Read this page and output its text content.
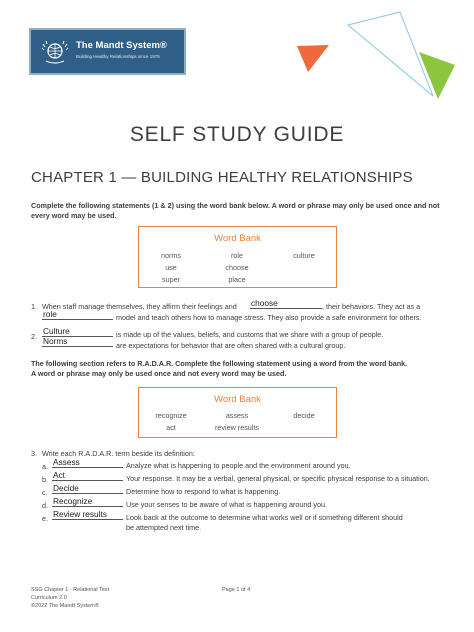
The Mandt System®
Building Healthy Relationships since 1975
SELF STUDY GUIDE
CHAPTER 1 — BUILDING HEALTHY RELATIONSHIPS
Complete the following statements (1 & 2) using the word bank below. A word or phrase may only be used once and not
every word may be used.
Word Bank
norms	role	culture
use	choose
super	place
1. When staff manage themselves, they affirm their feelings and choose	, their behaviors. They act as a
role	model and teach others how to manage stress. They also provide a safe environment for others.
2.
Culture	is made up of the values, beliefs, and customs that we share with a group of people.
Norms	are expectations for behavior that are often shared with a cultural group.
The following section refers to R.A.D.A.R. Complete the following statement using a word from the word bank.
A word or phrase may only be used once and not every word may be used.
Word Bank
recognize	assess	decide
act	review results
3. Write each R.A.D.A.R. term beside its definition:
a. Assess	Analyze what is happening to people and the environment around you.
b. Act	Your response. It may be a verbal, general physical, or specific physical response to a situation.
c. Decide	Determine how to respond to what is happening.
d. Recognize	Use your senses to be aware of what is happening around you.
e. Review results	Look back at the outcome to determine what works well or if something different should
be attempted next time.
SSG Chapter 1 - Relational Test
Curriculum 2.0
©2022 The Mandt System®
Page 1 of 4
